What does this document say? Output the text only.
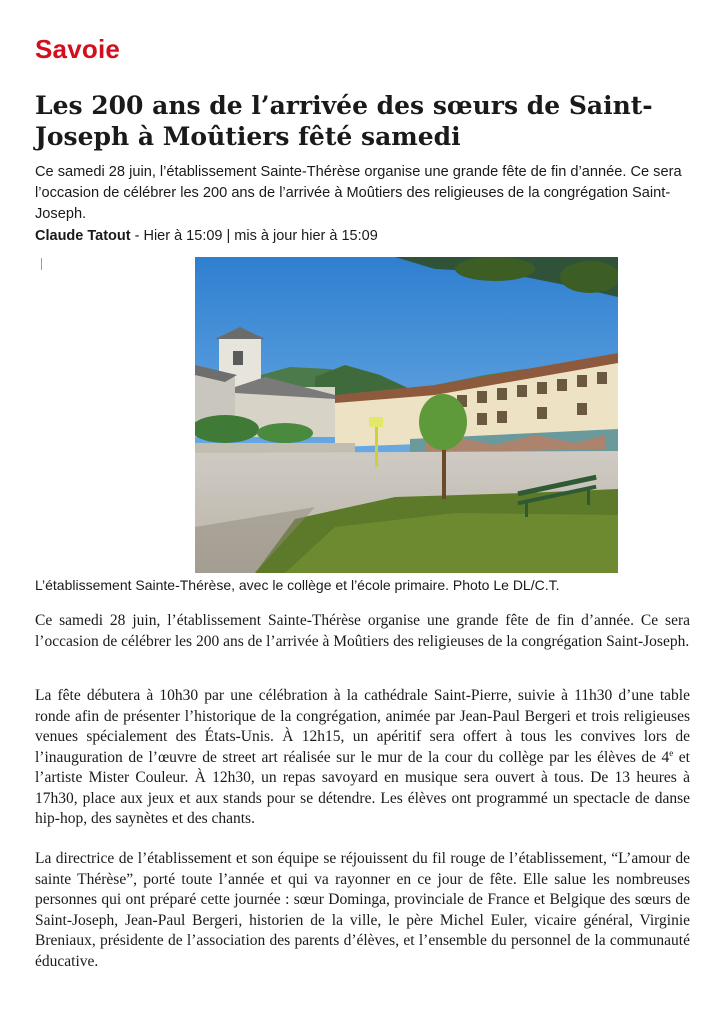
Savoie
Les 200 ans de l’arrivée des sœurs de Saint-Joseph à Moûtiers fêté samedi

Ce samedi 28 juin, l’établissement Sainte-Thérèse organise une grande fête de fin d’année. Ce sera l’occasion de célébrer les 200 ans de l’arrivée à Moûtiers des religieuses de la congrégation Saint-Joseph.

Claude Tatout - Hier à 15:09 | mis à jour hier à 15:09
L’établissement Sainte-Thérèse, avec le collège et l’école primaire. Photo Le DL/C.T.

Ce samedi 28 juin, l’établissement Sainte-Thérèse organise une grande fête de fin d’année. Ce sera l’occasion de célébrer les 200 ans de l’arrivée à Moûtiers des religieuses de la congrégation Saint-Joseph.

La fête débutera à 10h30 par une célébration à la cathédrale Saint-Pierre, suivie à 11h30 d’une table ronde afin de présenter l’historique de la congrégation, animée par Jean-Paul Bergeri et trois religieuses venues spécialement des États-Unis. À 12h15, un apéritif sera offert à tous les convives lors de l’inauguration de l’œuvre de street art réalisée sur le mur de la cour du collège par les élèves de 4e et l’artiste Mister Couleur. À 12h30, un repas savoyard en musique sera ouvert à tous. De 13 heures à 17h30, place aux jeux et aux stands pour se détendre. Les élèves ont programmé un spectacle de danse hip-hop, des saynètes et des chants.

La directrice de l’établissement et son équipe se réjouissent du fil rouge de l’établissement, “L’amour de sainte Thérèse”, porté toute l’année et qui va rayonner en ce jour de fête. Elle salue les nombreuses personnes qui ont préparé cette journée : sœur Dominga, provinciale de France et Belgique des sœurs de Saint-Joseph, Jean-Paul Bergeri, historien de la ville, le père Michel Euler, vicaire général, Virginie Breniaux, présidente de l’association des parents d’élèves, et l’ensemble du personnel de la communauté éducative.
